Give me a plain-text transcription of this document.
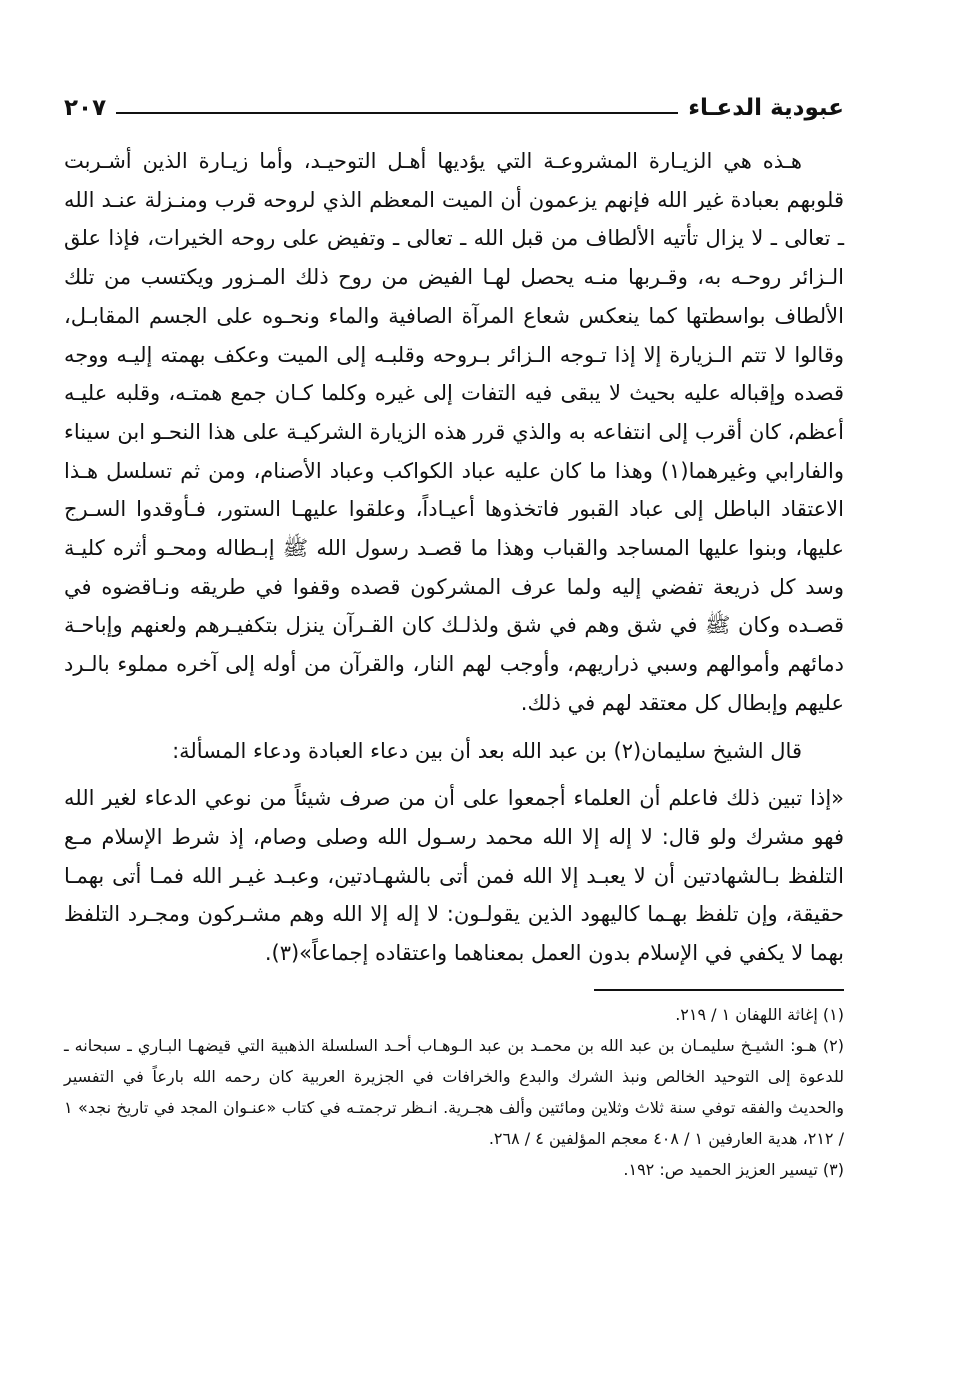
عبودية الدعـاء
٢٠٧

هـذه هي الزيـارة المشروعـة التي يؤديها أهـل التوحيـد، وأما زيـارة الذين أشـربت قلوبهم بعبادة غير الله فإنهم يزعمون أن الميت المعظم الذي لروحه قرب ومنـزلة عنـد الله ـ تعالى ـ لا يزال تأتيه الألطاف من قبل الله ـ تعالى ـ وتفيض على روحه الخيرات، فإذا علق الـزائر روحـه به، وقـربها منـه يحصل لهـا الفيض من روح ذلك المـزور ويكتسب من تلك الألطاف بواسطتها كما ينعكس شعاع المرآة الصافية والماء ونحـوه على الجسم المقابـل، وقالوا لا تتم الـزيارة إلا إذا تـوجه الـزائر بـروحه وقلبـه إلى الميت وعكف بهمته إليـه ووجه قصده وإقباله عليه بحيث لا يبقى فيه التفات إلى غيره وكلما كـان جمع همتـه، وقلبه عليـه أعظم، كان أقرب إلى انتفاعه به والذي قرر هذه الزيارة الشركيـة على هذا النحـو ابن سيناء والفارابي وغيرهما(١) وهذا ما كان عليه عباد الكواكب وعباد الأصنام، ومن ثم تسلسل هـذا الاعتقاد الباطل إلى عباد القبور فاتخذوها أعيـاداً، وعلقوا عليهـا الستور، فـأوقدوا السـرج عليها، وبنوا عليها المساجد والقباب وهذا ما قصـد رسول الله ﷺ إبـطاله ومحـو أثره كليـة وسد كل ذريعة تفضي إليه ولما عرف المشركون قصده وقفوا في طريقه ونـاقضوه في قصـده وكان ﷺ في شق وهم في شق ولذلـك كان القـرآن ينزل بتكفيـرهم ولعنهم وإباحـة دمائهم وأموالهم وسبي ذراريهم، وأوجب لهم النار، والقرآن من أوله إلى آخره مملوء بالـرد عليهم وإبطال كل معتقد لهم في ذلك.

قال الشيخ سليمان(٢) بن عبد الله بعد أن بين دعاء العبادة ودعاء المسألة:

«إذا تبين ذلك فاعلم أن العلماء أجمعوا على أن من صرف شيئاً من نوعي الدعاء لغير الله فهو مشرك ولو قال: لا إله إلا الله محمد رسـول الله وصلى وصام، إذ شرط الإسلام مـع التلفظ بـالشهادتين أن لا يعبـد إلا الله فمن أتى بالشهـادتين، وعبـد غيـر الله فمـا أتى بهمـا حقيقة، وإن تلفظ بهـما كاليهود الذين يقولـون: لا إله إلا الله وهم مشـركون ومجـرد التلفظ بهما لا يكفي في الإسلام بدون العمل بمعناهما واعتقاده إجماعاً»(٣).

(١) إغاثة اللهفان ١ / ٢١٩.

(٢) هـو: الشيـخ سليمـان بن عبد الله بن محمـد بن عبد الـوهـاب أحـد السلسلة الذهبية التي قيضهـا البـاري ـ سبحانه ـ للدعوة إلى التوحيد الخالص ونبذ الشرك والبدع والخرافات في الجزيرة العربية كان رحمه الله بارعاً في التفسير والحديث والفقه توفي سنة ثلاث وثلاين ومائتين وألف هجـرية. انـظر ترجمتـه في كتاب «عنـوان المجد في تاريخ نجد» ١ / ٢١٢، هدية العارفين ١ / ٤٠٨ معجم المؤلفين ٤ / ٢٦٨.

(٣) تيسير العزيز الحميد ص: ١٩٢.
